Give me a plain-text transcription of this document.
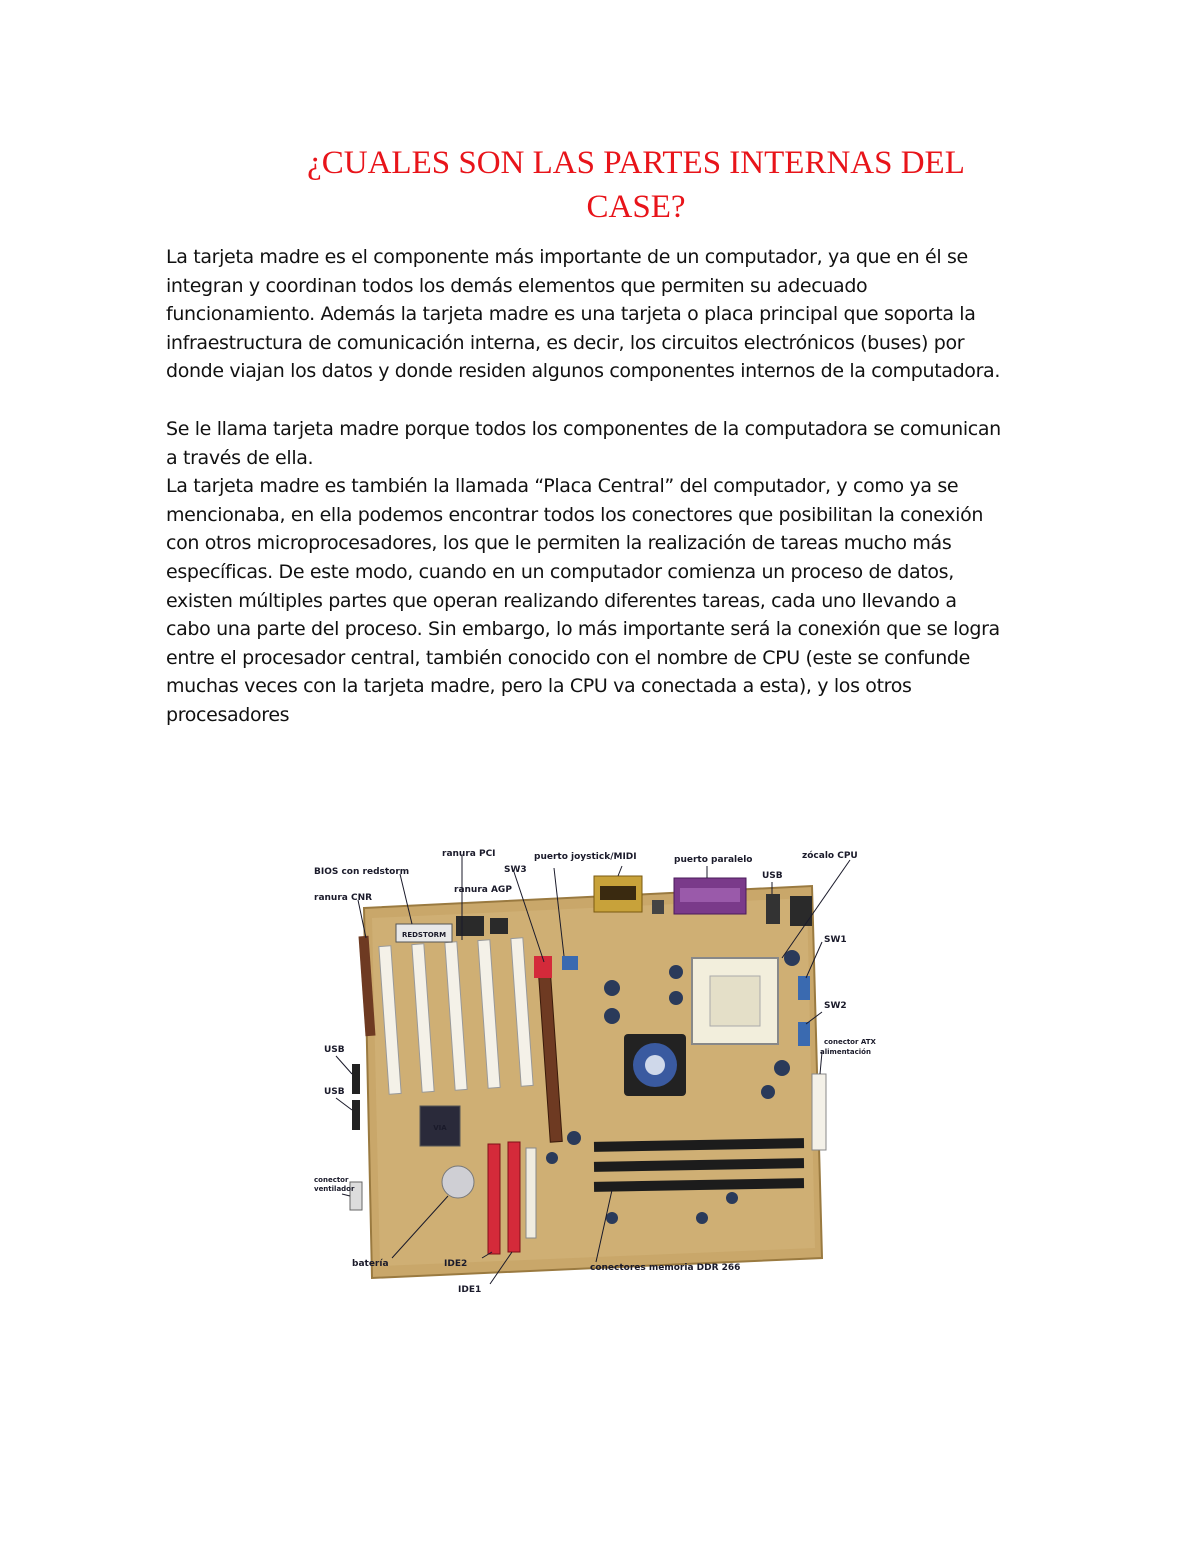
¿CUALES SON LAS PARTES INTERNAS DEL
CASE?
La tarjeta madre es el componente más importante de un computador, ya que en él se
integran y coordinan todos los demás elementos que permiten su adecuado
funcionamiento. Además la tarjeta madre es una tarjeta o placa principal que soporta la
infraestructura de comunicación interna, es decir, los circuitos electrónicos (buses) por
donde viajan los datos y donde residen algunos componentes internos de la computadora.
Se le llama tarjeta madre porque todos los componentes de la computadora se comunican
a través de ella.
La tarjeta madre es también la llamada “Placa Central” del computador, y como ya se
mencionaba, en ella podemos encontrar todos los conectores que posibilitan la conexión
con otros microprocesadores, los que le permiten la realización de tareas mucho más
específicas. De este modo, cuando en un computador comienza un proceso de datos,
existen múltiples partes que operan realizando diferentes tareas, cada uno llevando a
cabo una parte del proceso. Sin embargo, lo más importante será la conexión que se logra
entre el procesador central, también conocido con el nombre de CPU (este se confunde
muchas veces con la tarjeta madre, pero la CPU va conectada a esta), y los otros
procesadores
REDSTORM
VIA
BIOS con redstorm
ranura PCI
SW3
puerto joystick/MIDI	puerto paralelo	zócalo CPU
USB
ranura CNR
ranura AGP
SW1
SW2
conector ATX
alimentación
USB
USB
conector
ventilador
batería	IDE2
IDE1
conectores memoria DDR 266
